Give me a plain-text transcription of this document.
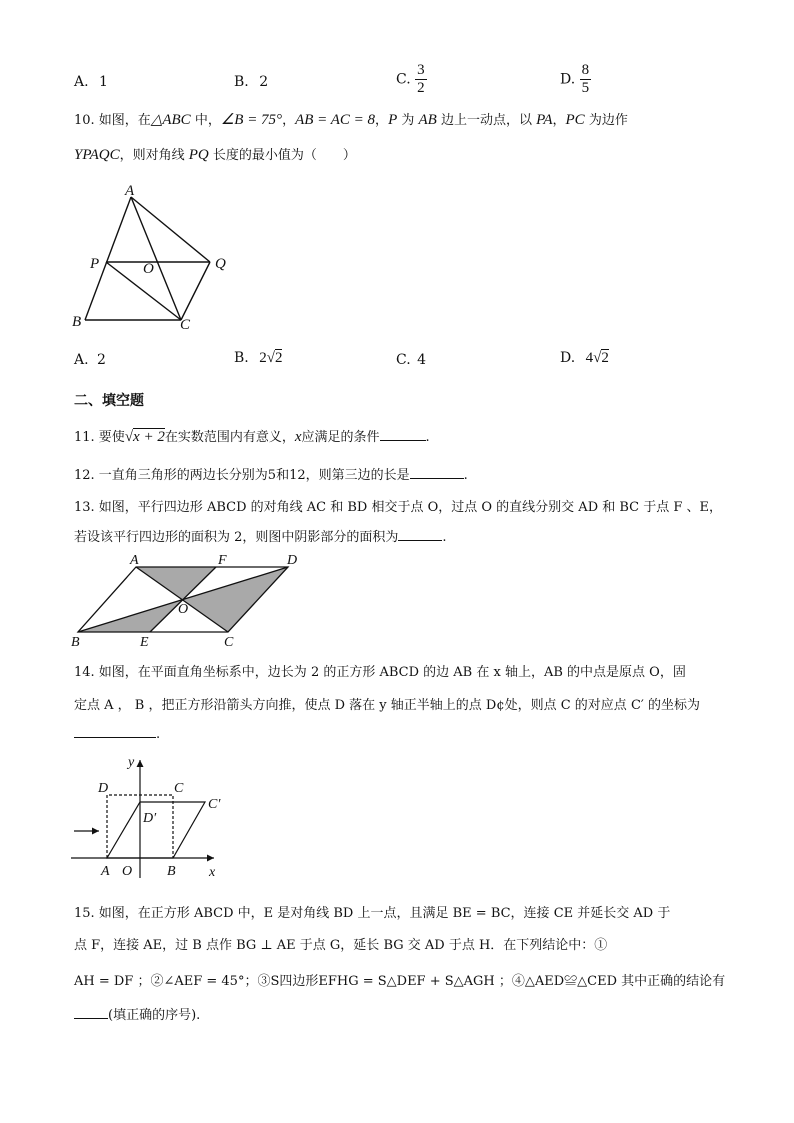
A. 1	B. 2	C. $\frac{3}{2}$	D. $\frac{8}{5}$
10. 如图，在△ABC 中，∠B = 75°，AB = AC = 8，P 为 AB 边上一动点，以 PA，PC 为边作
ΥPAQC，则对角线 PQ 长度的最小值为（　　）
A
P	O	Q
B	C
A. 2	B. 2√2	C. 4	D. 4√2
二、填空题
11. 要使√x + 2在实数范围内有意义，x应满足的条件	.
12. 一直角三角形的两边长分别为5和12，则第三边的长是	.
13. 如图，平行四边形 ABCD 的对角线 AC 和 BD 相交于点 O，过点 O 的直线分别交 AD 和 BC 于点 F 、E，
若设该平行四边形的面积为 2，则图中阴影部分的面积为	.
A	F	D
O
B	E	C
14. 如图，在平面直角坐标系中，边长为 2 的正方形 ABCD 的边 AB 在 x 轴上，AB 的中点是原点 O，固
定点 A ， B ，把正方形沿箭头方向推，使点 D 落在 y 轴正半轴上的点 D¢处，则点 C 的对应点 C′ 的坐标为
.
y
D	C
C′
D′
A O B x
15. 如图，在正方形 ABCD 中，E 是对角线 BD 上一点，且满足 BE = BC，连接 CE 并延长交 AD 于
点 F，连接 AE，过 B 点作 BG ⊥ AE 于点 G，延长 BG 交 AD 于点 H．在下列结论中：①
AH = DF ；②∠AEF = 45°；③S四边形EFHG = S△DEF + S△AGH ；④△AED≌△CED 其中正确的结论有
(填正确的序号).
